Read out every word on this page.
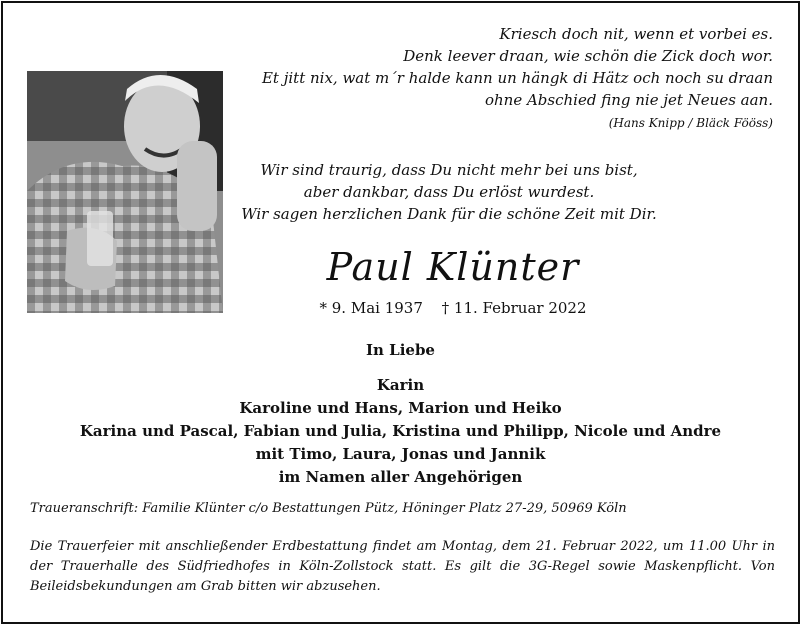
Kriesch doch nit, wenn et vorbei es.
Denk leever draan, wie schön die Zick doch wor.
Et jitt nix, wat m´r halde kann un hängk di Hätz och noch su draan
ohne Abschied fing nie jet Neues aan.
(Hans Knipp / Bläck Fööss)
Wir sind traurig, dass Du nicht mehr bei uns bist,
aber dankbar, dass Du erlöst wurdest.
Wir sagen herzlichen Dank für die schöne Zeit mit Dir.
Paul Klünter
* 9. Mai 1937 † 11. Februar 2022
In Liebe
Karin
Karoline und Hans, Marion und Heiko
Karina und Pascal, Fabian und Julia, Kristina und Philipp, Nicole und Andre
mit Timo, Laura, Jonas und Jannik
im Namen aller Angehörigen
Traueranschrift: Familie Klünter c/o Bestattungen Pütz, Höninger Platz 27-29, 50969 Köln
Die Trauerfeier mit anschließender Erdbestattung findet am Montag, dem 21. Februar 2022, um 11.00 Uhr in der Trauerhalle des Südfriedhofes in Köln-Zollstock statt. Es gilt die 3G-Regel sowie Maskenpflicht. Von Beileidsbekundungen am Grab bitten wir abzusehen.
